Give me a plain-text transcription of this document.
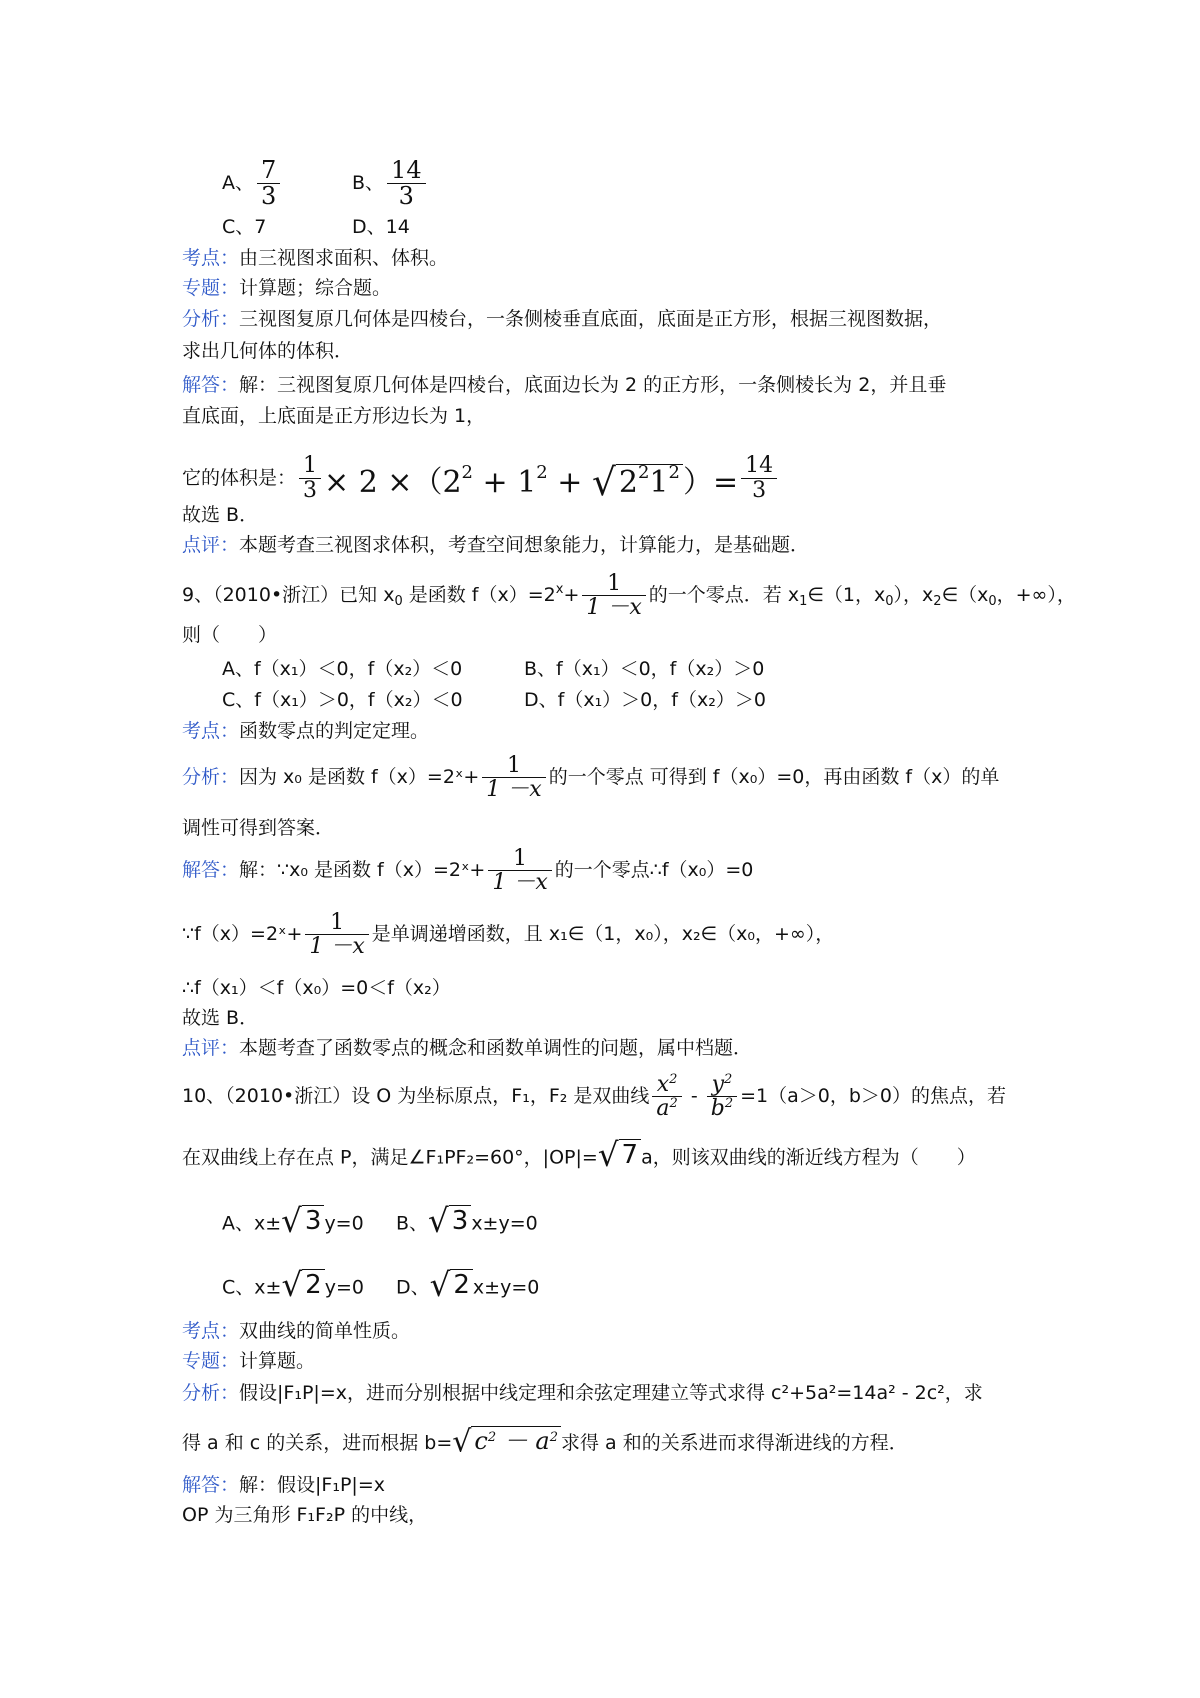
A、 $\frac{7}{3}$	B、 $\frac{14}{3}$
C、7	D、14
考点：由三视图求面积、体积。
专题：计算题；综合题。
分析：三视图复原几何体是四棱台，一条侧棱垂直底面，底面是正方形，根据三视图数据，
求出几何体的体积．
解答：解：三视图复原几何体是四棱台，底面边长为 2 的正方形，一条侧棱长为 2，并且垂
直底面，上底面是正方形边长为 1，
它的体积是： $\frac{1}{3} \times 2 \times(2^2 + 1^2$ + √ $2^21^2$ ）= $\frac{14}{3}$
故选 B．
点评：本题考查三视图求体积，考查空间想象能力，计算能力，是基础题．
9、（2010•浙江）已知 $x_0$ 是函数 $f(x)=2^x+ \frac{1}{1 -x}$ 的一个零点．若 $x_1\in(1$，$x_0$），$x_2\in(x_0$，+∞），
则（　　）
A、f（x₁）＜0，f（x₂）＜0	B、f（x₁）＜0，f（x₂）＞0
C、f（x₁）＞0，f（x₂）＜0	D、f（x₁）＞0，f（x₂）＞0
考点：函数零点的判定定理。
分析：因为 x₀ 是函数 f（x）=2ˣ+ $\frac{1}{1 -x}$ 的一个零点 可得到 f（x₀）=0，再由函数 f（x）的单
调性可得到答案．
解答：解：∵x₀ 是函数 f（x）=2ˣ+ $\frac{1}{1 -x}$ 的一个零点∴f（x₀）=0
∵f（x）=2ˣ+ $\frac{1}{1 -x}$ 是单调递增函数，且 x₁∈（1，x₀），x₂∈（x₀，+∞），
∴f（x₁）＜f（x₀）=0＜f（x₂）
故选 B．
点评：本题考查了函数零点的概念和函数单调性的问题，属中档题．
10、（2010•浙江）设 O 为坐标原点，F₁，F₂ 是双曲线 $\frac{x^2}{a^2} - \frac{y^2}{b^2} =1(a>0$，b＞0）的焦点，若
在双曲线上存在点 P，满足∠F₁PF₂=60°，|OP|=√ 7 a，则该双曲线的渐近线方程为（　　）
A、x±√ 3 y=0 B、√ 3 x±y=0
C、x±√ 2 y=0 D、√ 2 x±y=0
考点：双曲线的简单性质。
专题：计算题。
分析：假设|F₁P|=x，进而分别根据中线定理和余弦定理建立等式求得 c²+5a²=14a² - 2c²，求
得 a 和 c 的关系，进而根据 b=√ $c^2 - a^2$ 求得 a 和的关系进而求得渐进线的方程．
解答：解：假设|F₁P|=x
OP 为三角形 F₁F₂P 的中线，
